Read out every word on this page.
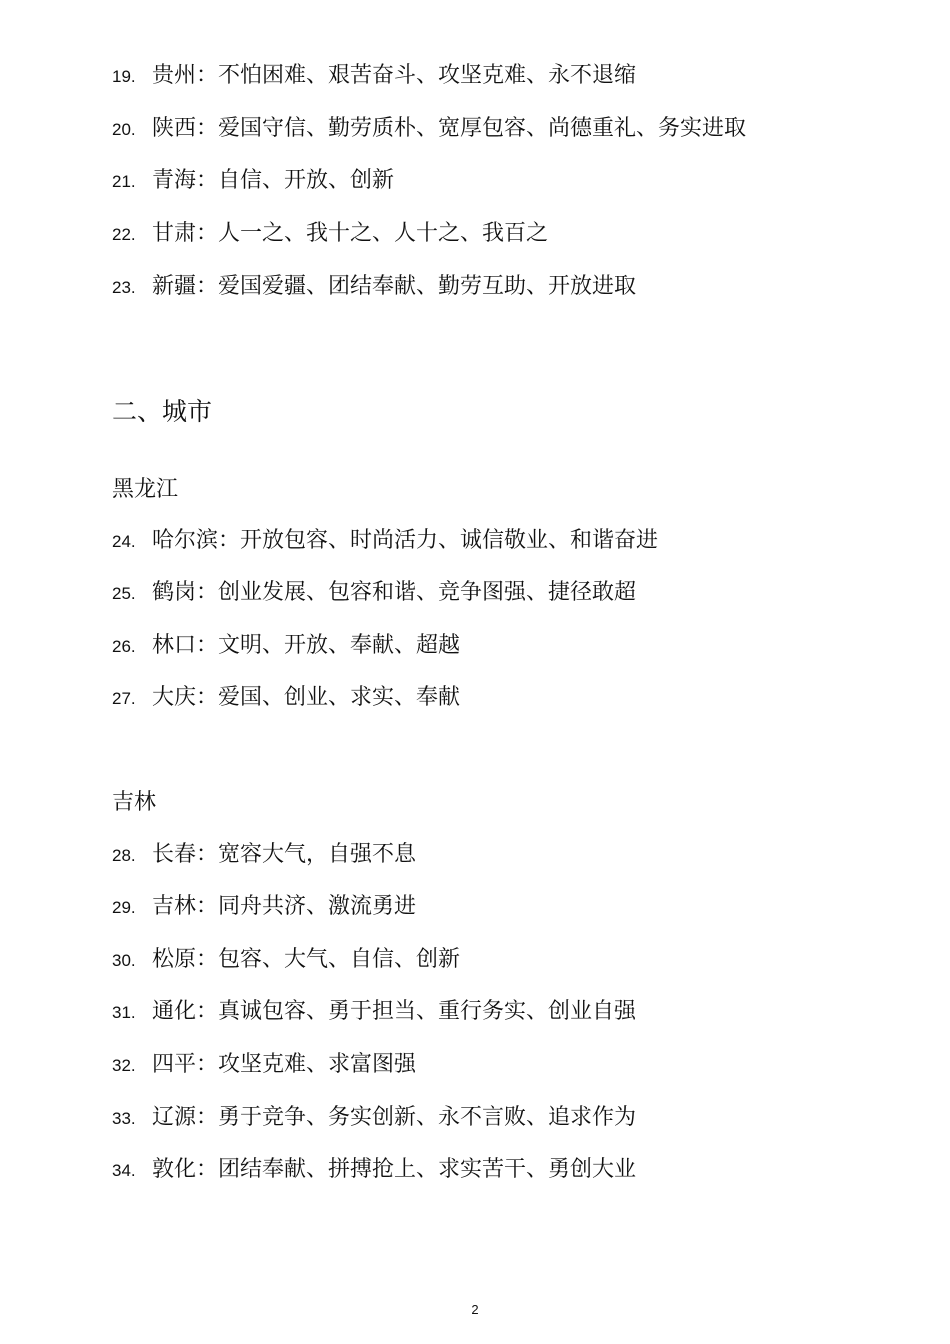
19. 贵州：不怕困难、艰苦奋斗、攻坚克难、永不退缩
20. 陕西：爱国守信、勤劳质朴、宽厚包容、尚德重礼、务实进取
21. 青海：自信、开放、创新
22. 甘肃：人一之、我十之、人十之、我百之
23. 新疆：爱国爱疆、团结奉献、勤劳互助、开放进取
二、城市
黑龙江
24. 哈尔滨：开放包容、时尚活力、诚信敬业、和谐奋进
25. 鹤岗：创业发展、包容和谐、竞争图强、捷径敢超
26. 林口：文明、开放、奉献、超越
27. 大庆：爱国、创业、求实、奉献
吉林
28. 长春：宽容大气，自强不息
29. 吉林：同舟共济、激流勇进
30. 松原：包容、大气、自信、创新
31. 通化：真诚包容、勇于担当、重行务实、创业自强
32. 四平：攻坚克难、求富图强
33. 辽源：勇于竞争、务实创新、永不言败、追求作为
34. 敦化：团结奉献、拼搏抢上、求实苦干、勇创大业
2
